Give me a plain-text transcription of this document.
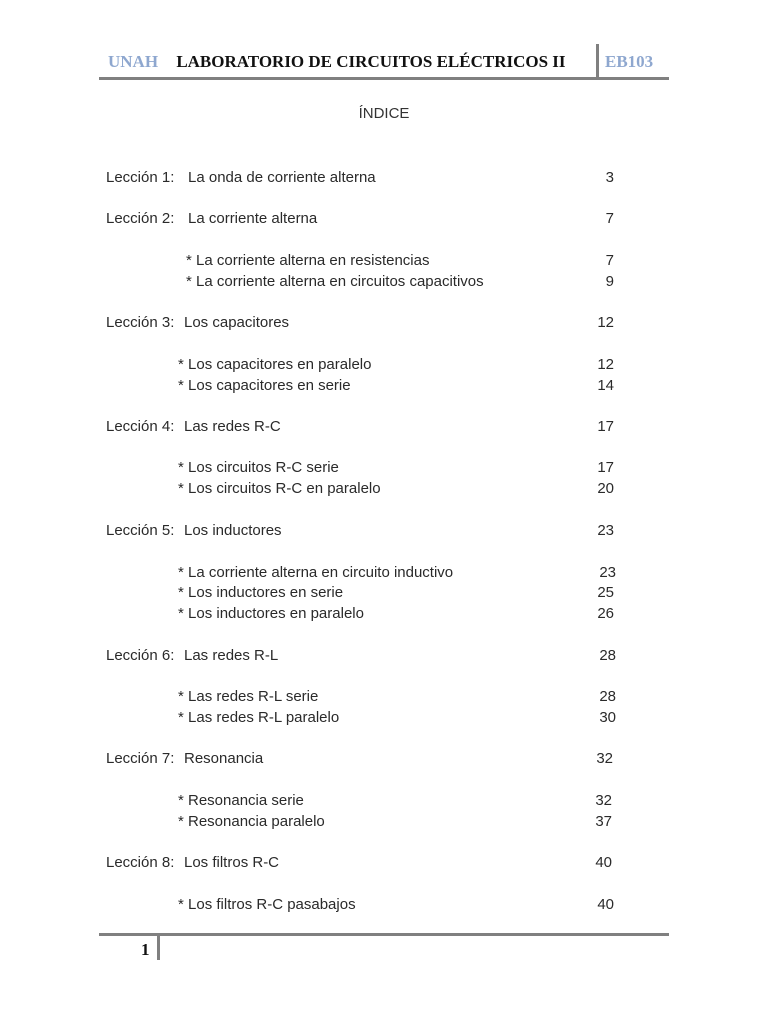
UNAH LABORATORIO DE CIRCUITOS ELÉCTRICOS II EB103
ÍNDICE
Lección 1: La onda de corriente alterna	3
Lección 2: La corriente alterna	7
* La corriente alterna en resistencias	7
* La corriente alterna en circuitos capacitivos	9
Lección 3: Los capacitores	12
* Los capacitores en paralelo	12
* Los capacitores en serie	14
Lección 4: Las redes R-C	17
* Los circuitos R-C serie	17
* Los circuitos R-C en paralelo	20
Lección 5: Los inductores	23
* La corriente alterna en circuito inductivo	23
* Los inductores en serie	25
* Los inductores en paralelo	26
Lección 6: Las redes R-L	28
* Las redes R-L serie	28
* Las redes R-L paralelo	30
Lección 7: Resonancia	32
* Resonancia serie	32
* Resonancia paralelo	37
Lección 8: Los filtros R-C	40
* Los filtros R-C pasabajos	40
1
